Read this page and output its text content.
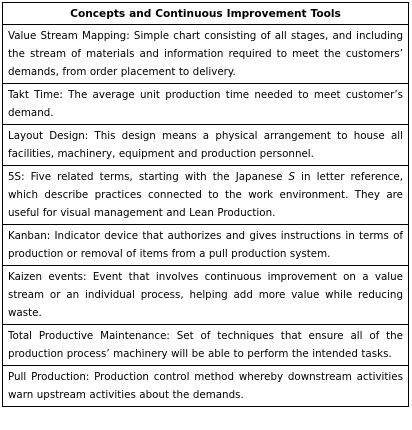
Concepts and Continuous Improvement Tools
Value Stream Mapping: Simple chart consisting of all stages, and including the stream of materials and information required to meet the customers’ demands, from order placement to delivery.
Takt Time: The average unit production time needed to meet customer’s demand.
Layout Design: This design means a physical arrangement to house all facilities, machinery, equipment and production personnel.
5S: Five related terms, starting with the Japanese S in letter reference, which describe practices connected to the work environment. They are useful for visual management and Lean Production.
Kanban: Indicator device that authorizes and gives instructions in terms of production or removal of items from a pull production system.
Kaizen events: Event that involves continuous improvement on a value stream or an individual process, helping add more value while reducing waste.
Total Productive Maintenance: Set of techniques that ensure all of the production process’ machinery will be able to perform the intended tasks.
Pull Production: Production control method whereby downstream activities warn upstream activities about the demands.
